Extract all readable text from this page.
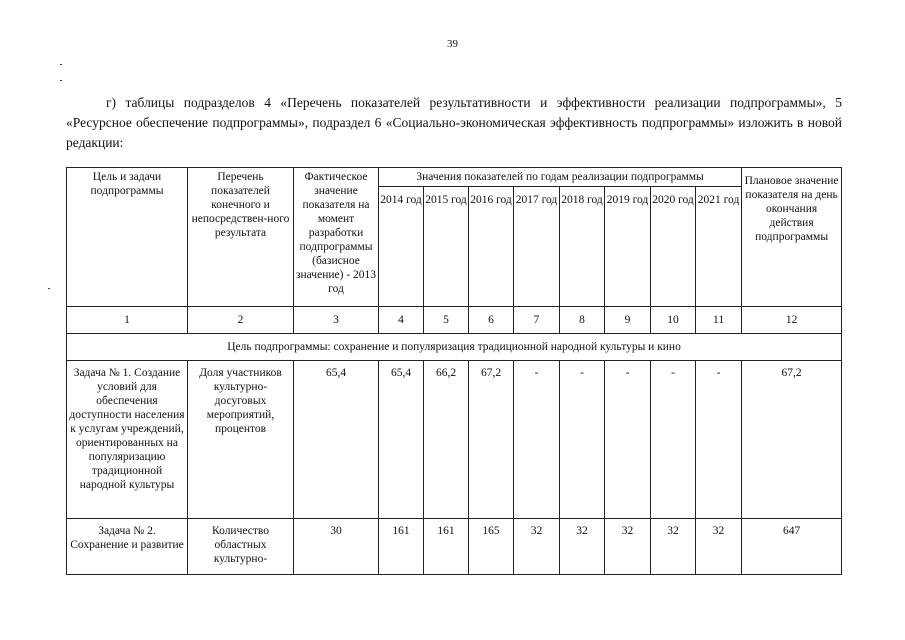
39
г) таблицы подразделов 4 «Перечень показателей результативности и эффективности реализации подпрограммы», 5 «Ресурсное обеспечение подпрограммы», подраздел 6 «Социально-экономическая эффективность подпрограммы» изложить в новой редакции:
Цель и задачи подпрограммы	Перечень показателей конечного и непосредствен-ного результата	Фактическое значение показателя на момент разработки подпрограммы (базисное значение) - 2013 год	Значения показателей по годам реализации подпрограммы								Плановое значение показателя на день окончания действия подпрограммы
			2014 год	2015 год	2016 год	2017 год	2018 год	2019 год	2020 год	2021 год	
1	2	3	4	5	6	7	8	9	10	11	12
Цель подпрограммы: сохранение и популяризация традиционной народной культуры и кино											
Задача № 1. Создание условий для обеспечения доступности населения к услугам учреждений, ориентированных на популяризацию традиционной народной культуры	Доля участников культурно-досуговых мероприятий, процентов	65,4	65,4	66,2	67,2	-	-	-	-	-	67,2
Задача № 2. Сохранение и развитие	Количество областных культурно-	30	161	161	165	32	32	32	32	32	647
